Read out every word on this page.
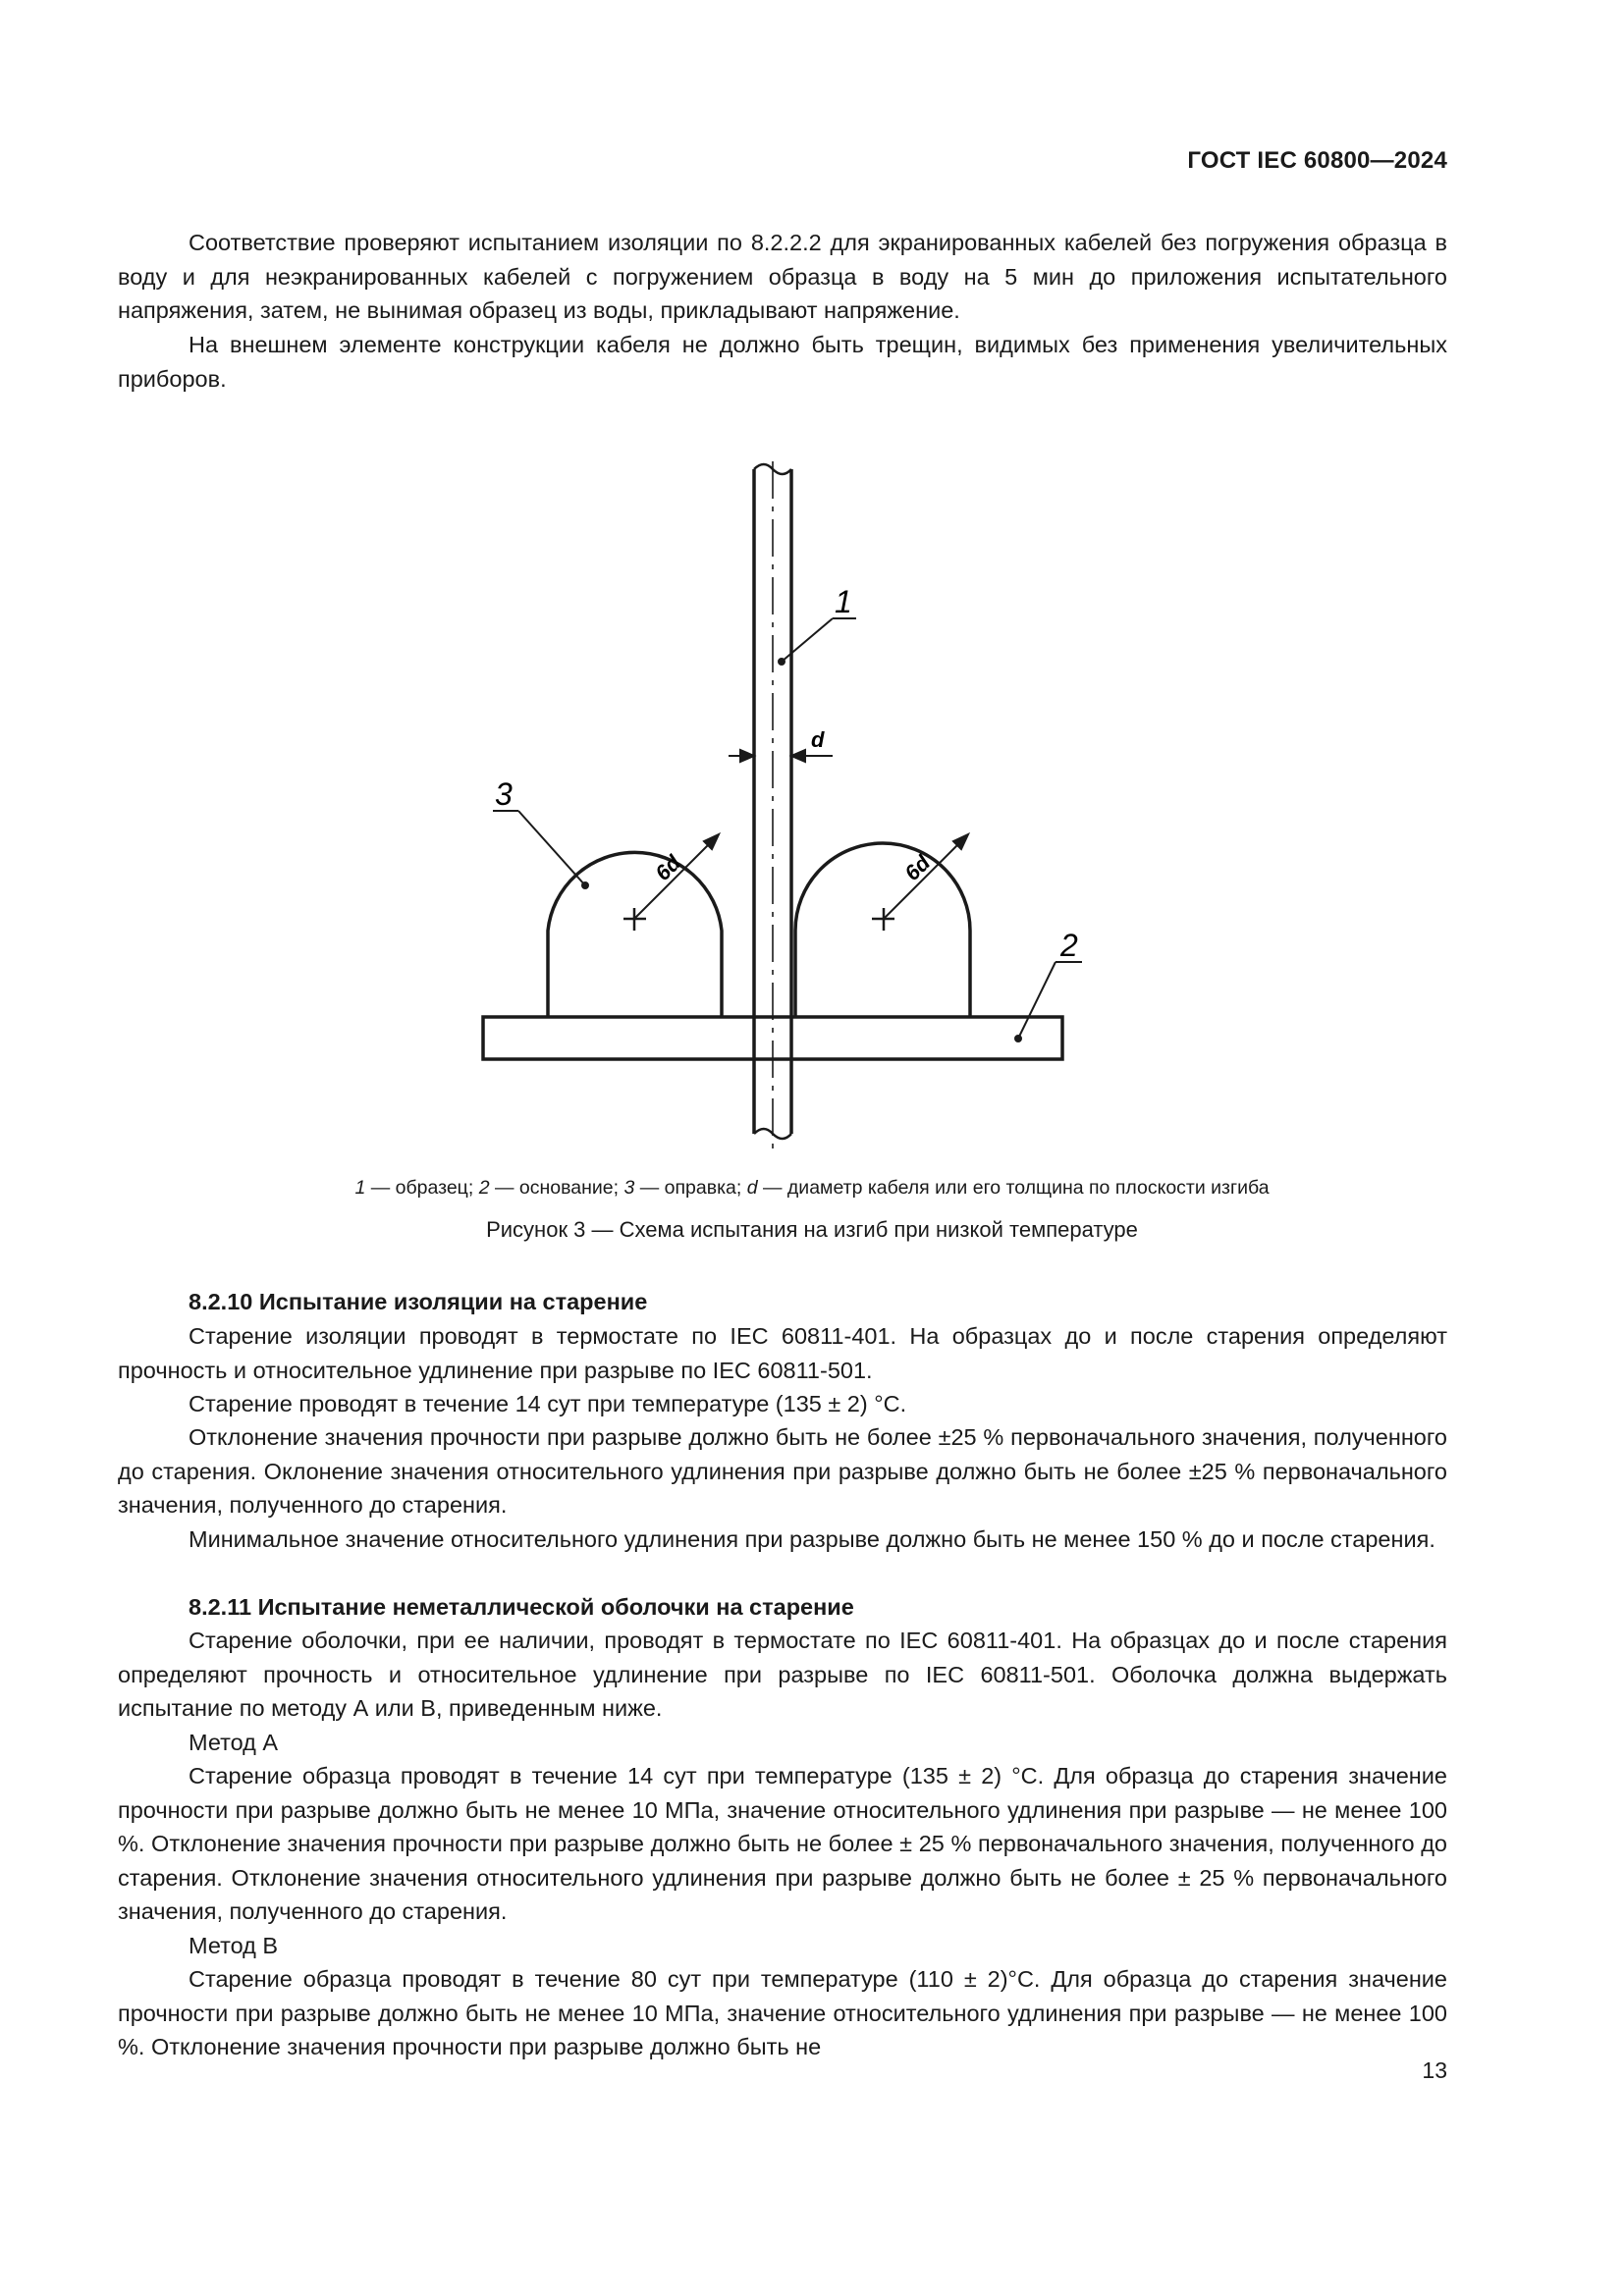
ГОСТ IEC 60800—2024

Соответствие проверяют испытанием изоляции по 8.2.2.2 для экранированных кабелей без погружения образца в воду и для неэкранированных кабелей с погружением образца в воду на 5 мин до приложения испытательного напряжения, затем, не вынимая образец из воды, прикладывают напряжение.

На внешнем элементе конструкции кабеля не должно быть трещин, видимых без применения увеличительных приборов.

6d	6d
d
1
2
3
1 — образец; 2 — основание; 3 — оправка; d — диаметр кабеля или его толщина по плоскости изгиба
Рисунок 3 — Схема испытания на изгиб при низкой температуре

8.2.10 Испытание изоляции на старение

Старение изоляции проводят в термостате по IEC 60811-401. На образцах до и после старения определяют прочность и относительное удлинение при разрыве по IEC 60811-501.

Старение проводят в течение 14 сут при температуре (135 ± 2) °С.

Отклонение значения прочности при разрыве должно быть не более ±25 % первоначального значения, полученного до старения. Оклонение значения относительного удлинения при разрыве должно быть не более ±25 % первоначального значения, полученного до старения.

Минимальное значение относительного удлинения при разрыве должно быть не менее 150 % до и после старения.

8.2.11 Испытание неметаллической оболочки на старение

Старение оболочки, при ее наличии, проводят в термостате по IEC 60811-401. На образцах до и после старения определяют прочность и относительное удлинение при разрыве по IEC 60811-501. Оболочка должна выдержать испытание по методу А или В, приведенным ниже.

Метод А

Старение образца проводят в течение 14 сут при температуре (135 ± 2) °С. Для образца до старения значение прочности при разрыве должно быть не менее 10 МПа, значение относительного удлинения при разрыве — не менее 100 %. Отклонение значения прочности при разрыве должно быть не более ± 25 % первоначального значения, полученного до старения. Отклонение значения относительного удлинения при разрыве должно быть не более ± 25 % первоначального значения, полученного до старения.

Метод В

Старение образца проводят в течение 80 сут при температуре (110 ± 2)°С. Для образца до старения значение прочности при разрыве должно быть не менее 10 МПа, значение относительного удлинения при разрыве — не менее 100 %. Отклонение значения прочности при разрыве должно быть не

13
